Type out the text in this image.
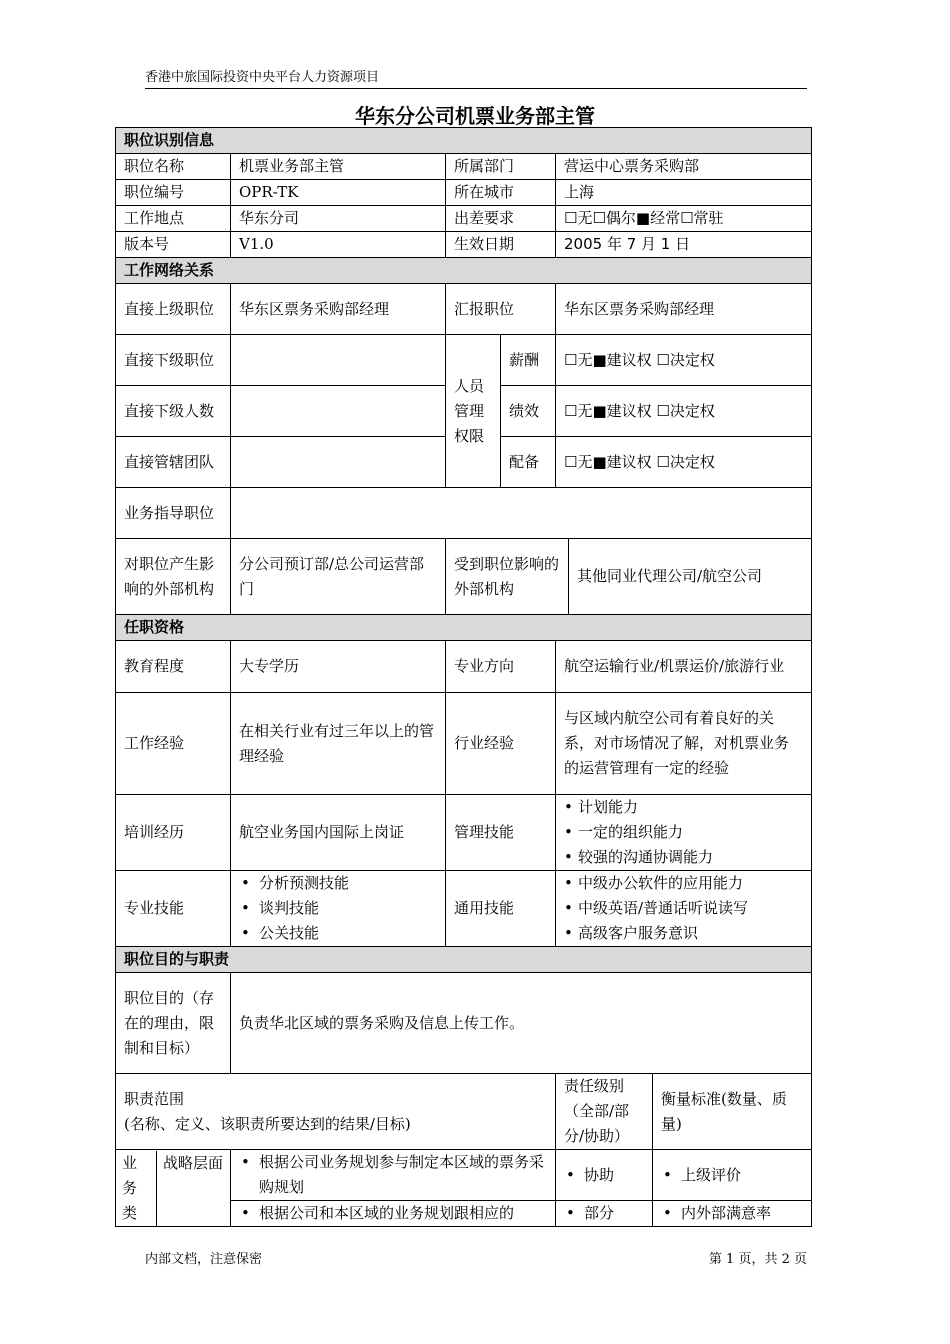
香港中旅国际投资中央平台人力资源项目
华东分公司机票业务部主管
职位识别信息
职位名称	机票业务部主管	所属部门	营运中心票务采购部
职位编号	OPR-TK	所在城市	上海
工作地点	华东分司	出差要求	☐无☐偶尔■经常☐常驻
版本号	V1.0	生效日期	2005 年 7 月 1 日
工作网络关系
直接上级职位	华东区票务采购部经理	汇报职位	华东区票务采购部经理
直接下级职位		人员管理权限	薪酬	☐无■建议权 ☐决定权
直接下级人数		绩效	☐无■建议权 ☐决定权
直接管辖团队		配备	☐无■建议权 ☐决定权
业务指导职位	
对职位产生影响的外部机构	分公司预订部/总公司运营部门	受到职位影响的外部机构	其他同业代理公司/航空公司
任职资格
教育程度	大专学历	专业方向	航空运输行业/机票运价/旅游行业
工作经验	在相关行业有过三年以上的管理经验	行业经验	与区域内航空公司有着良好的关系，对市场情况了解，对机票业务的运营管理有一定的经验
培训经历	航空业务国内国际上岗证	管理技能	
• 计划能力
• 一定的组织能力
• 较强的沟通协调能力

专业技能	
• 分析预测技能
• 谈判技能
• 公关技能
	通用技能	
• 中级办公软件的应用能力
• 中级英语/普通话听说读写
• 高级客户服务意识

职位目的与职责
职位目的（存在的理由，限制和目标）	负责华北区域的票务采购及信息上传工作。

职责范围
(名称、定义、该职责所要达到的结果/目标)
	责任级别（全部/部分/协助）	衡量标准(数量、质量)

业务类	战略层面

•	根据公司业务规划参与制定本区域的票务采购规划

• 协助

•上级评价

• 根据公司和本区域的业务规划跟相应的

•部分

•内外部满意率
内部文档，注意保密	第 1 页，共 2 页
